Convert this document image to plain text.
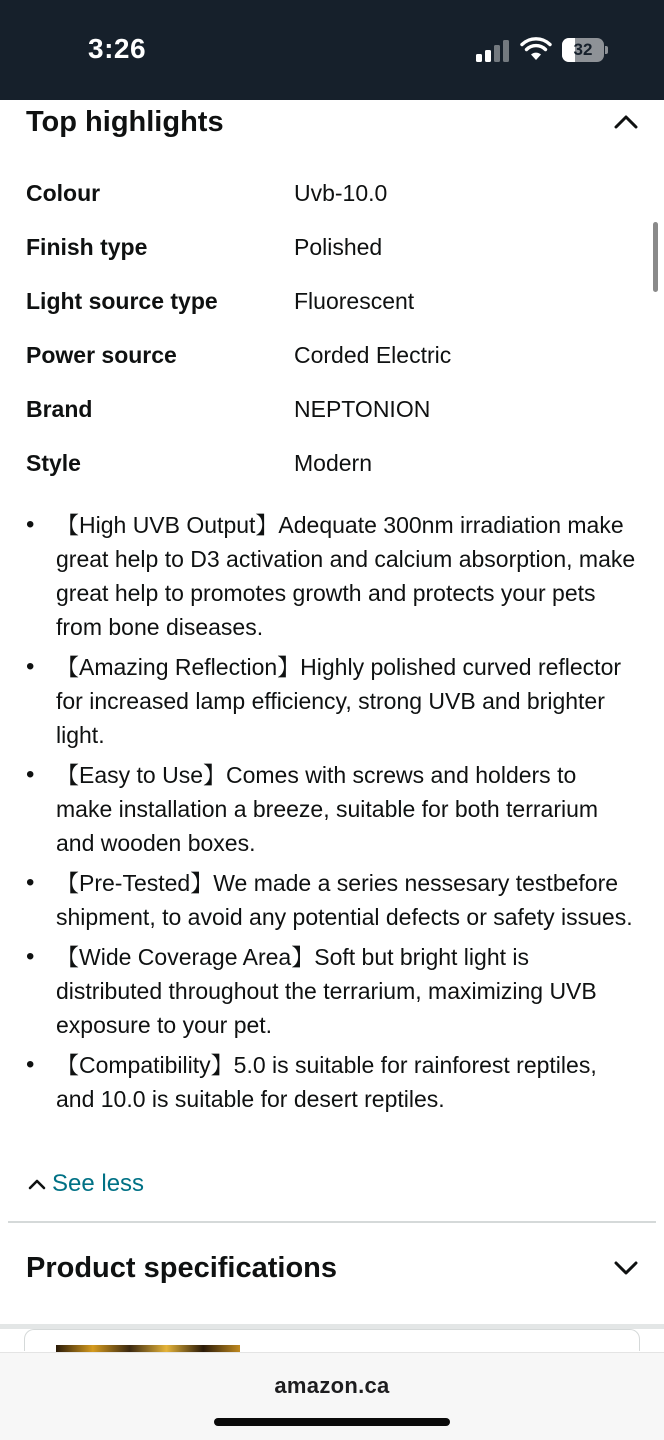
3:26	32
Top highlights
Colour	Uvb-10.0
Finish type	Polished
Light source type	Fluorescent
Power source	Corded Electric
Brand	NEPTONION
Style	Modern
• 【High UVB Output】Adequate 300nm irradiation make great help to D3 activation and calcium absorption, make great help to promotes growth and protects your pets from bone diseases.
• 【Amazing Reflection】Highly polished curved reflector for increased lamp efficiency, strong UVB and brighter light.
• 【Easy to Use】Comes with screws and holders to make installation a breeze, suitable for both terrarium and wooden boxes.
• 【Pre-Tested】We made a series nessesary testbefore shipment, to avoid any potential defects or safety issues.
• 【Wide Coverage Area】Soft but bright light is distributed throughout the terrarium, maximizing UVB exposure to your pet.
• 【Compatibility】5.0 is suitable for rainforest reptiles, and 10.0 is suitable for desert reptiles.
See less
Product specifications
amazon.ca
